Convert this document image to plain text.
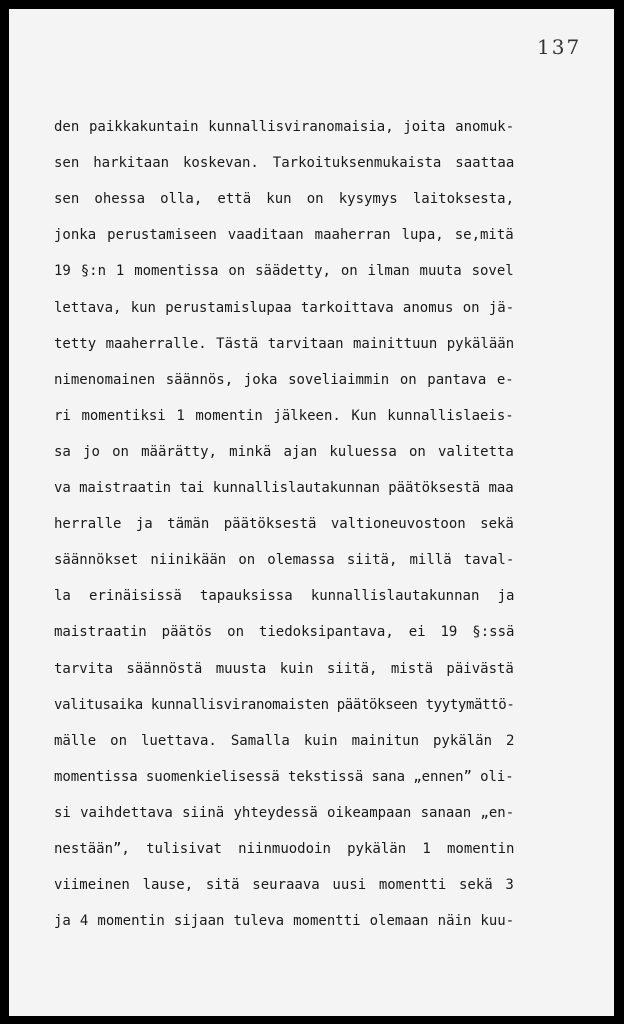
137
den paikkakuntain kunnallisviranomaisia, joita anomuk-
sen harkitaan koskevan. Tarkoituksenmukaista saattaa
sen ohessa olla, että kun on kysymys laitoksesta,
jonka perustamiseen vaaditaan maaherran lupa, se,mitä
19 §:n 1 momentissa on säädetty, on ilman muuta sovel
lettava, kun perustamislupaa tarkoittava anomus on jä-
tetty maaherralle. Tästä tarvitaan mainittuun pykälään
nimenomainen säännös, joka soveliaimmin on pantava e-
ri momentiksi 1 momentin jälkeen. Kun kunnallislaeis-
sa jo on määrätty, minkä ajan kuluessa on valitetta
va maistraatin tai kunnallislautakunnan päätöksestä maa
herralle ja tämän päätöksestä valtioneuvostoon sekä
säännökset niinikään on olemassa siitä, millä taval-
la erinäisissä tapauksissa kunnallislautakunnan ja
maistraatin päätös on tiedoksipantava, ei 19 §:ssä
tarvita säännöstä muusta kuin siitä, mistä päivästä
valitusaika kunnallisviranomaisten päätökseen tyytymättö-
mälle on luettava. Samalla kuin mainitun pykälän 2
momentissa suomenkielisessä tekstissä sana „ennen” oli-
si vaihdettava siinä yhteydessä oikeampaan sanaan „en-
nestään”, tulisivat niinmuodoin pykälän 1 momentin
viimeinen lause, sitä seuraava uusi momentti sekä 3
ja 4 momentin sijaan tuleva momentti olemaan näin kuu-
